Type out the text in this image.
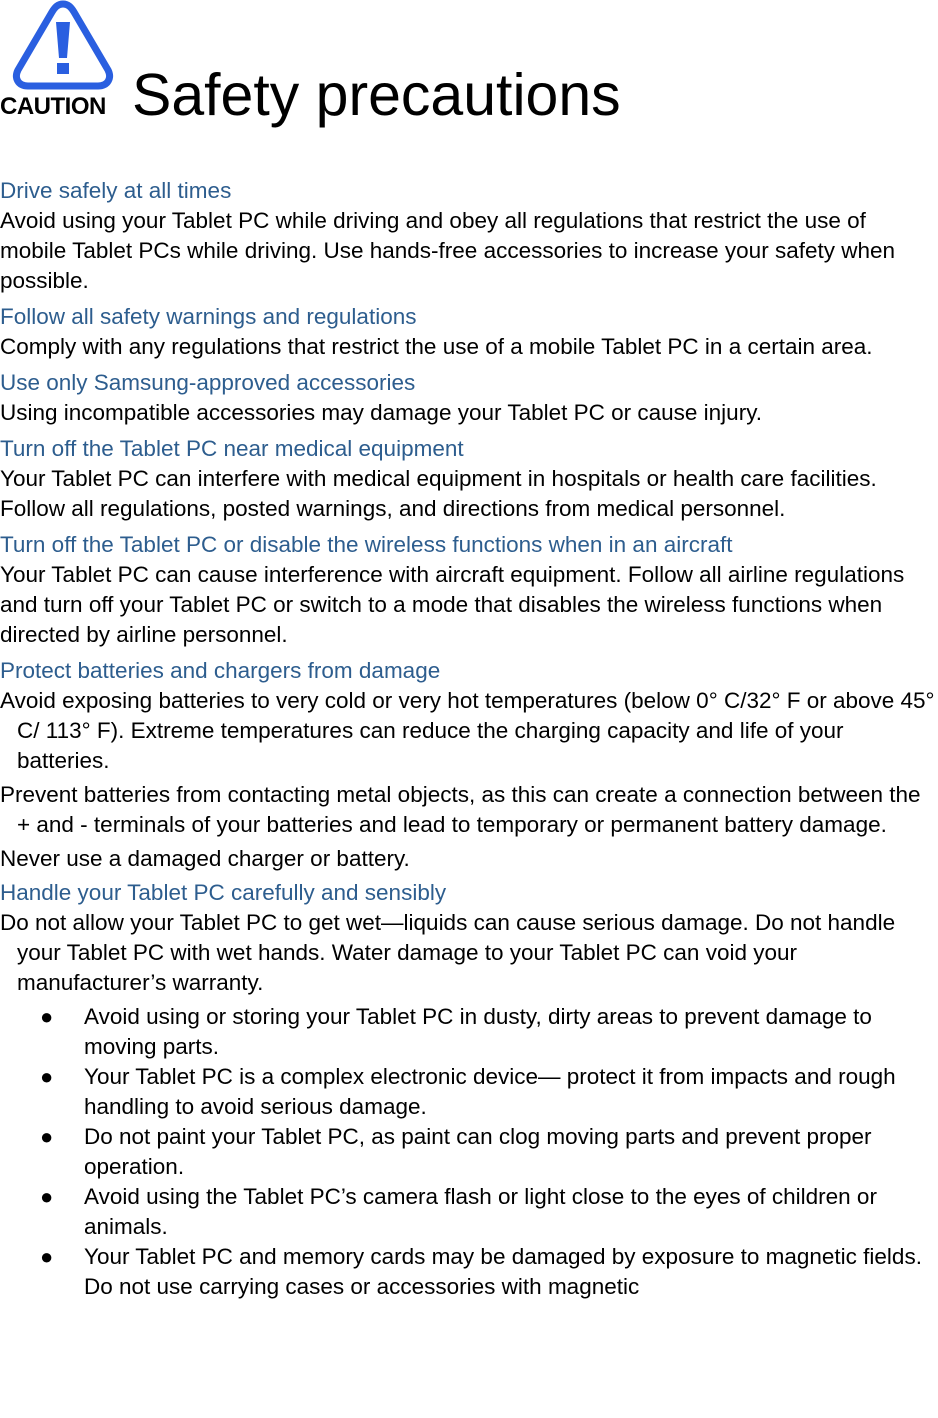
CAUTION Safety precautions

Drive safely at all times

Avoid using your Tablet PC while driving and obey all regulations that restrict the use of mobile Tablet PCs while driving. Use hands-free accessories to increase your safety when possible.

Follow all safety warnings and regulations

Comply with any regulations that restrict the use of a mobile Tablet PC in a certain area.

Use only Samsung-approved accessories

Using incompatible accessories may damage your Tablet PC or cause injury.

Turn off the Tablet PC near medical equipment

Your Tablet PC can interfere with medical equipment in hospitals or health care facilities. Follow all regulations, posted warnings, and directions from medical personnel.

Turn off the Tablet PC or disable the wireless functions when in an aircraft

Your Tablet PC can cause interference with aircraft equipment. Follow all airline regulations and turn off your Tablet PC or switch to a mode that disables the wireless functions when directed by airline personnel.

Protect batteries and chargers from damage

Avoid exposing batteries to very cold or very hot temperatures (below 0° C/32° F or above 45° C/ 113° F). Extreme temperatures can reduce the charging capacity and life of your batteries.

Prevent batteries from contacting metal objects, as this can create a connection between the + and - terminals of your batteries and lead to temporary or permanent battery damage.

Never use a damaged charger or battery.

Handle your Tablet PC carefully and sensibly

Do not allow your Tablet PC to get wet—liquids can cause serious damage. Do not handle your Tablet PC with wet hands. Water damage to your Tablet PC can void your manufacturer’s warranty.

● Avoid using or storing your Tablet PC in dusty, dirty areas to prevent damage to moving parts.
● Your Tablet PC is a complex electronic device— protect it from impacts and rough handling to avoid serious damage.
● Do not paint your Tablet PC, as paint can clog moving parts and prevent proper operation.
● Avoid using the Tablet PC’s camera flash or light close to the eyes of children or animals.
● Your Tablet PC and memory cards may be damaged by exposure to magnetic fields. Do not use carrying cases or accessories with magnetic
